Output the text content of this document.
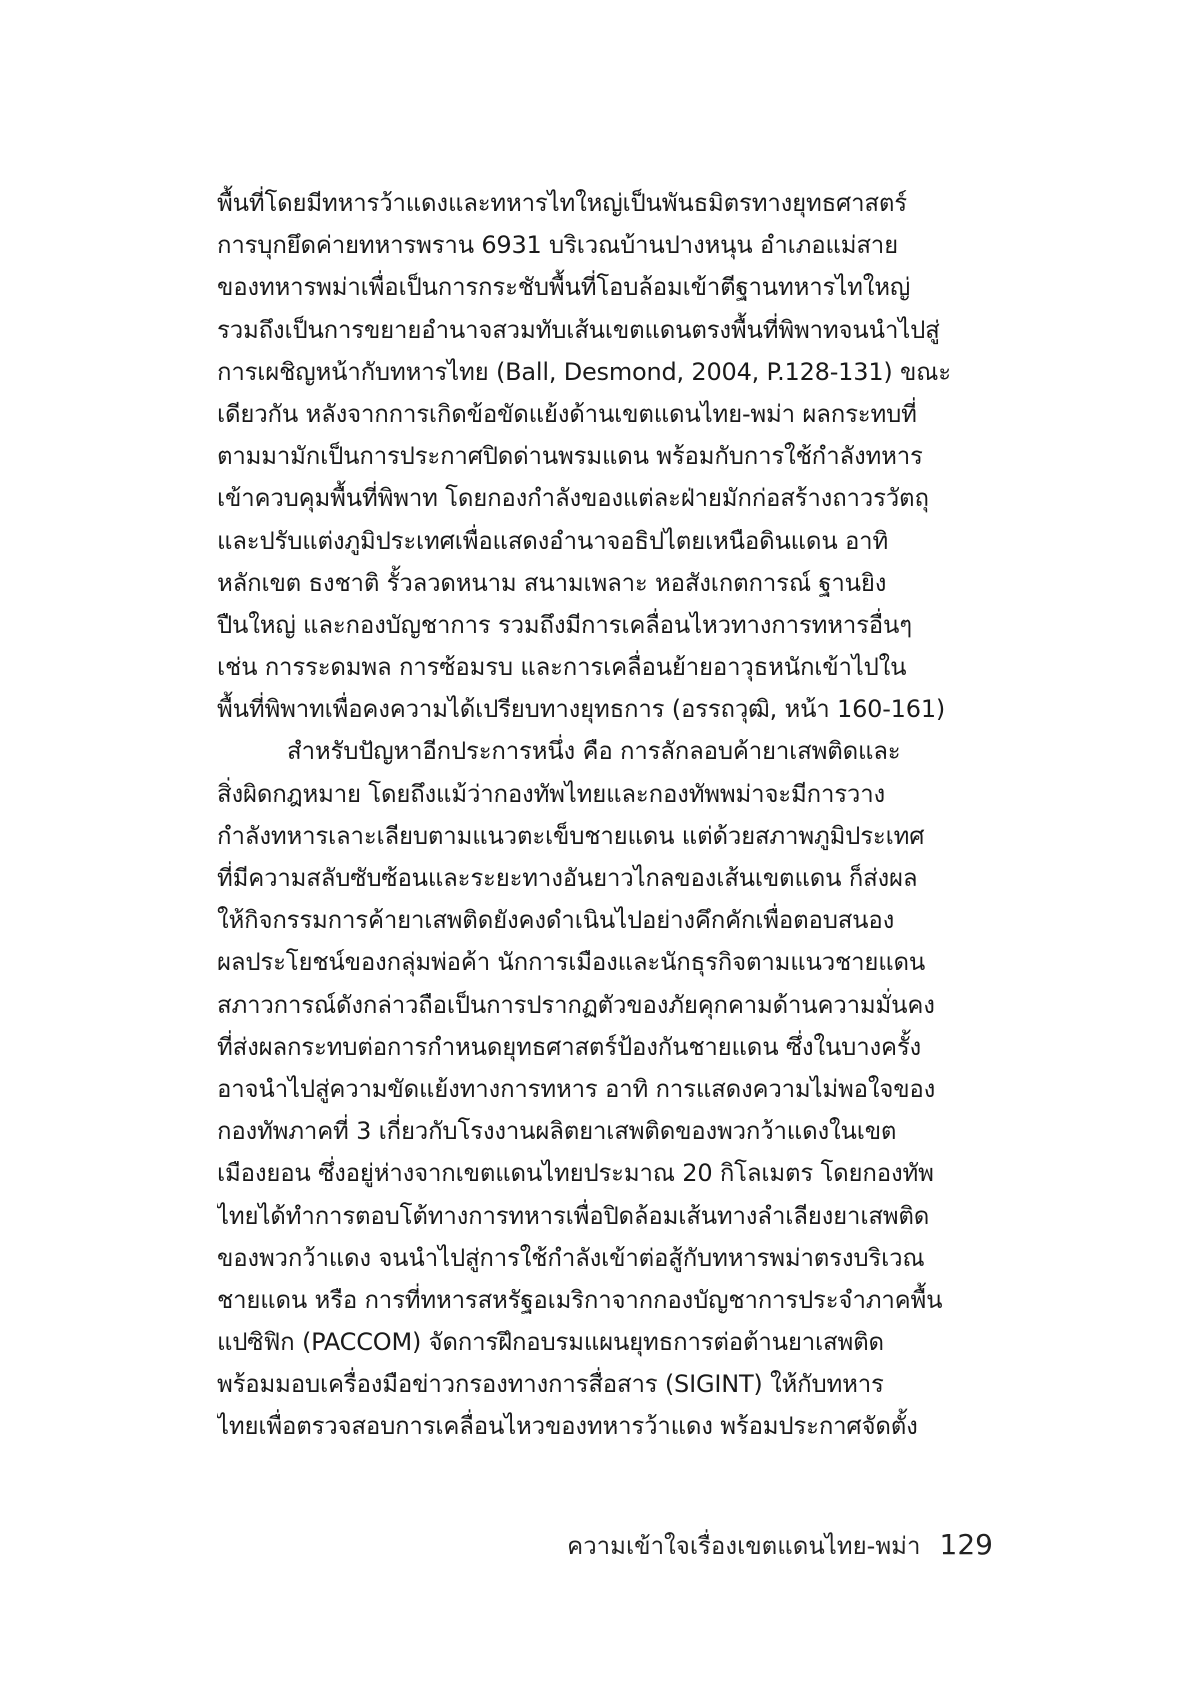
พื้นที่โดยมีทหารว้าแดงและทหารไทใหญ่เป็นพันธมิตรทางยุทธศาสตร์
การบุกยึดค่ายทหารพราน 6931 บริเวณบ้านปางหนุน อำเภอแม่สาย
ของทหารพม่าเพื่อเป็นการกระชับพื้นที่โอบล้อมเข้าตีฐานทหารไทใหญ่
รวมถึงเป็นการขยายอำนาจสวมทับเส้นเขตแดนตรงพื้นที่พิพาทจนนำไปสู่
การเผชิญหน้ากับทหารไทย (Ball, Desmond, 2004, P.128-131) ขณะ
เดียวกัน หลังจากการเกิดข้อขัดแย้งด้านเขตแดนไทย-พม่า ผลกระทบที่
ตามมามักเป็นการประกาศปิดด่านพรมแดน พร้อมกับการใช้กำลังทหาร
เข้าควบคุมพื้นที่พิพาท โดยกองกำลังของแต่ละฝ่ายมักก่อสร้างถาวรวัตถุ
และปรับแต่งภูมิประเทศเพื่อแสดงอำนาจอธิปไตยเหนือดินแดน อาทิ
หลักเขต ธงชาติ รั้วลวดหนาม สนามเพลาะ หอสังเกตการณ์ ฐานยิง
ปืนใหญ่ และกองบัญชาการ รวมถึงมีการเคลื่อนไหวทางการทหารอื่นๆ
เช่น การระดมพล การซ้อมรบ และการเคลื่อนย้ายอาวุธหนักเข้าไปใน
พื้นที่พิพาทเพื่อคงความได้เปรียบทางยุทธการ (อรรถวุฒิ, หน้า 160-161)
สำหรับปัญหาอีกประการหนึ่ง คือ การลักลอบค้ายาเสพติดและ
สิ่งผิดกฎหมาย โดยถึงแม้ว่ากองทัพไทยและกองทัพพม่าจะมีการวาง
กำลังทหารเลาะเลียบตามแนวตะเข็บชายแดน แต่ด้วยสภาพภูมิประเทศ
ที่มีความสลับซับซ้อนและระยะทางอันยาวไกลของเส้นเขตแดน ก็ส่งผล
ให้กิจกรรมการค้ายาเสพติดยังคงดำเนินไปอย่างคึกคักเพื่อตอบสนอง
ผลประโยชน์ของกลุ่มพ่อค้า นักการเมืองและนักธุรกิจตามแนวชายแดน
สภาวการณ์ดังกล่าวถือเป็นการปรากฏตัวของภัยคุกคามด้านความมั่นคง
ที่ส่งผลกระทบต่อการกำหนดยุทธศาสตร์ป้องกันชายแดน ซึ่งในบางครั้ง
อาจนำไปสู่ความขัดแย้งทางการทหาร อาทิ การแสดงความไม่พอใจของ
กองทัพภาคที่ 3 เกี่ยวกับโรงงานผลิตยาเสพติดของพวกว้าแดงในเขต
เมืองยอน ซึ่งอยู่ห่างจากเขตแดนไทยประมาณ 20 กิโลเมตร โดยกองทัพ
ไทยได้ทำการตอบโต้ทางการทหารเพื่อปิดล้อมเส้นทางลำเลียงยาเสพติด
ของพวกว้าแดง จนนำไปสู่การใช้กำลังเข้าต่อสู้กับทหารพม่าตรงบริเวณ
ชายแดน หรือ การที่ทหารสหรัฐอเมริกาจากกองบัญชาการประจำภาคพื้น
แปซิฟิก (PACCOM) จัดการฝึกอบรมแผนยุทธการต่อต้านยาเสพติด
พร้อมมอบเครื่องมือข่าวกรองทางการสื่อสาร (SIGINT) ให้กับทหาร
ไทยเพื่อตรวจสอบการเคลื่อนไหวของทหารว้าแดง พร้อมประกาศจัดตั้ง
ความเข้าใจเรื่องเขตแดนไทย-พม่า 129
